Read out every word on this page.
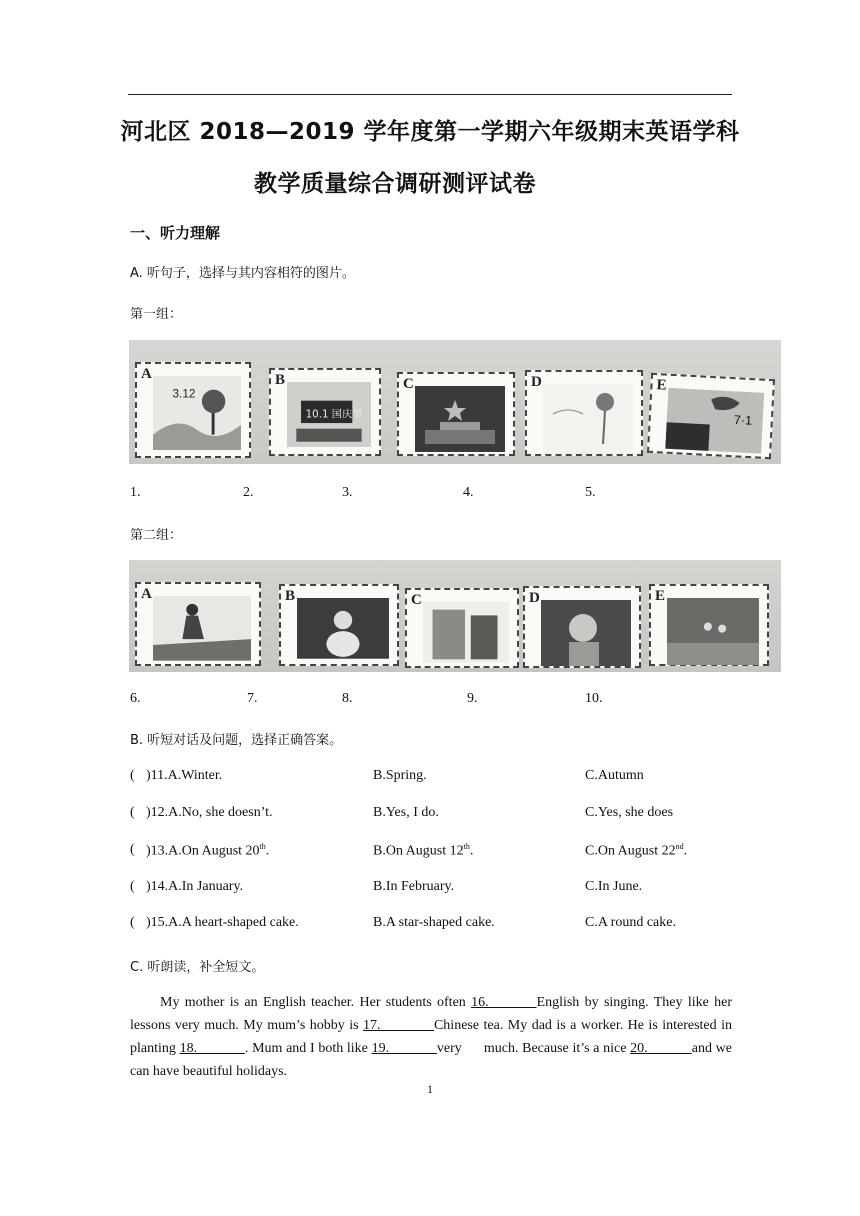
河北区 2018—2019 学年度第一学期六年级期末英语学科
教学质量综合调研测评试卷
一、听力理解
A. 听句子，选择与其内容相符的图片。
第一组：
A
3.12
B
10.1 国庆节
C	D	E
7·1
1.	2.	3.	4.	5.
第二组：
A	B	C	D	E
6.	7.	8.	9.	10.
B. 听短对话及问题，选择正确答案。
( )11.A.Winter.	B.Spring.	C.Autumn
( )12.A.No, she doesn’t.	B.Yes, I do.	C.Yes, she does
( )13.A.On August 20th.	B.On August 12th.	C.On August 22nd.
( )14.A.In January.	B.In February.	C.In June.
( )15.A.A heart-shaped cake.	B.A star-shaped cake.	C.A round cake.
C. 听朗读，补全短文。
My mother is an English teacher. Her students often 16.         English by singing. They like her lessons very much. My mum’s hobby is 17.            Chinese tea. My dad is a worker. He is interested in planting 18.             . Mum and I both like 19.             very      much. Because it’s a nice 20.            and we can have beautiful holidays.
1
